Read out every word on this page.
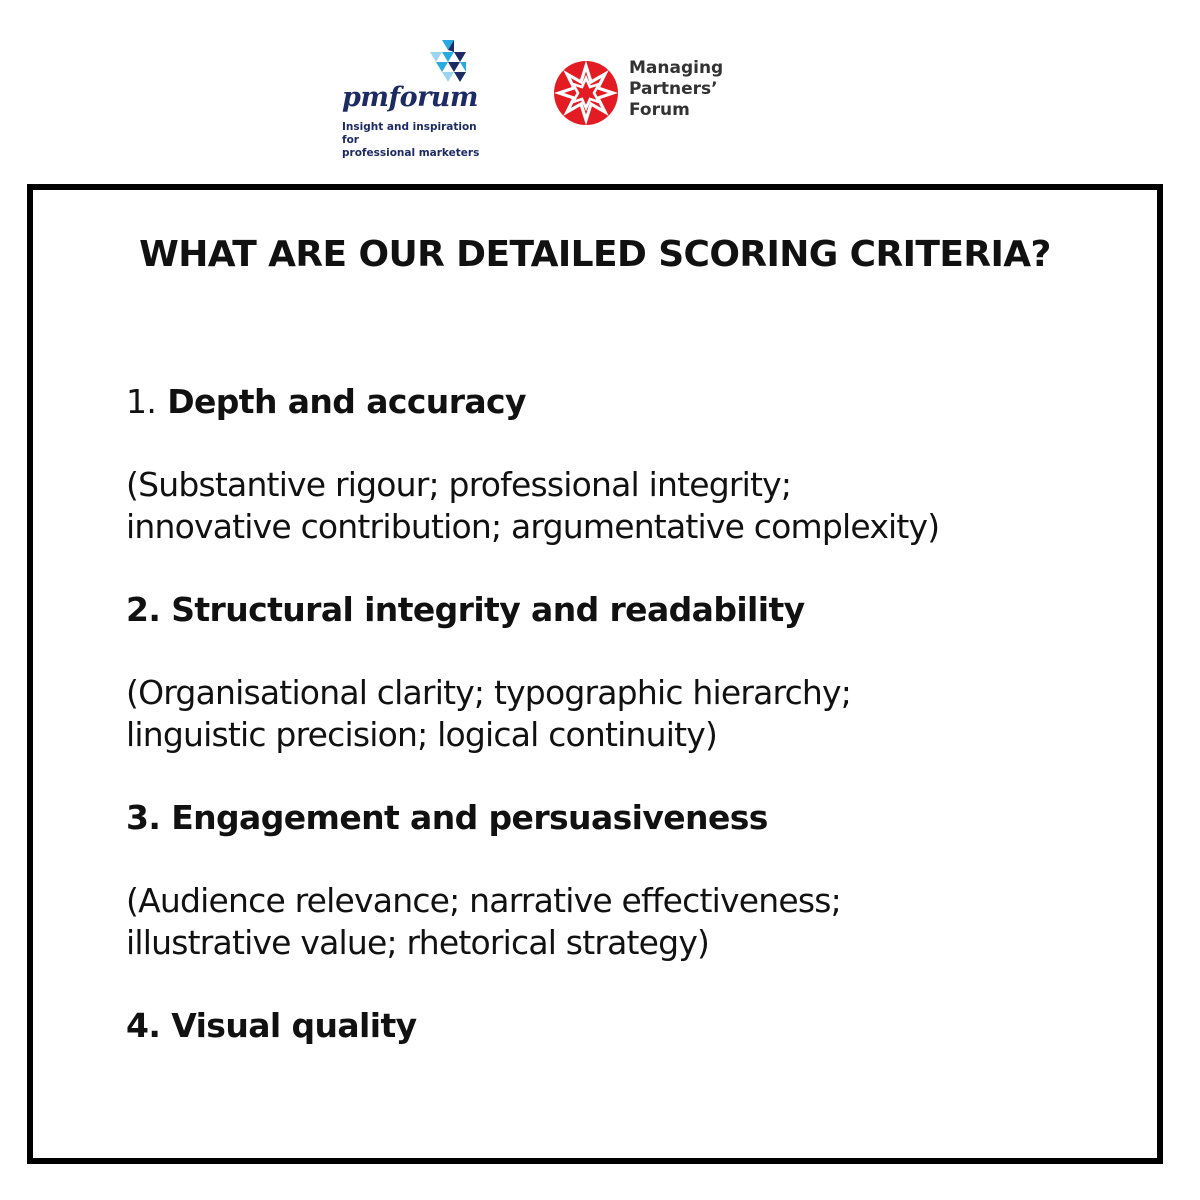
pmforum
Insight and inspiration for
professional marketers
Managing
Partners’
Forum
WHAT ARE OUR DETAILED SCORING CRITERIA?

1. Depth and accuracy

(Substantive rigour; professional integrity;
innovative contribution; argumentative complexity)

2. Structural integrity and readability

(Organisational clarity; typographic hierarchy;
linguistic precision; logical continuity)

3. Engagement and persuasiveness

(Audience relevance; narrative effectiveness;
illustrative value; rhetorical strategy)

4. Visual quality
